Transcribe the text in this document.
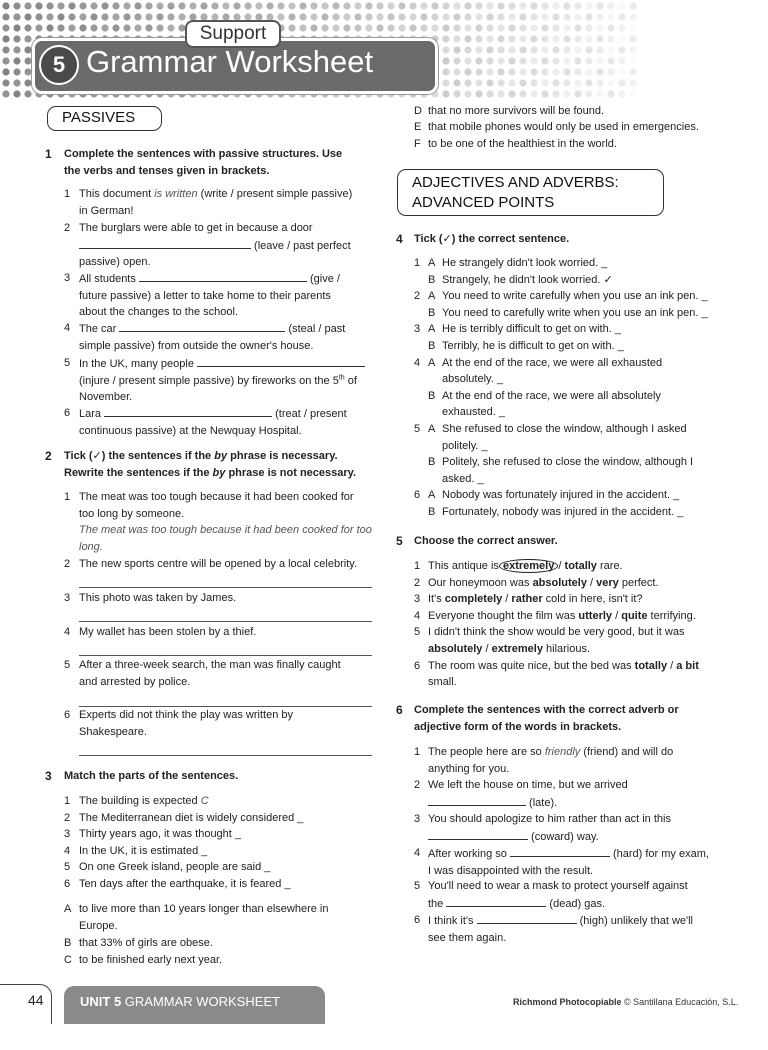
Support
5 Grammar Worksheet
PASSIVES
1 Complete the sentences with passive structures. Use
the verbs and tenses given in brackets.
1 This document is written (write / present simple passive)
in German!
2 The burglars were able to get in because a door
(leave / past perfect
passive) open.
3 All students	(give /
future passive) a letter to take home to their parents
about the changes to the school.
4 The car	(steal / past
simple passive) from outside the owner's house.
5 In the UK, many people
(injure / present simple passive) by fireworks on the 5th of
November.
6 Lara	(treat / present
continuous passive) at the Newquay Hospital.
2 Tick (✓) the sentences if the by phrase is necessary.
Rewrite the sentences if the by phrase is not necessary.
1 The meat was too tough because it had been cooked for
too long by someone.
The meat was too tough because it had been cooked for too
long.
2 The new sports centre will be opened by a local celebrity.
3 This photo was taken by James.
4 My wallet has been stolen by a thief.
5 After a three-week search, the man was finally caught
and arrested by police.
6 Experts did not think the play was written by
Shakespeare.
3 Match the parts of the sentences.
1 The building is expected C
2 The Mediterranean diet is widely considered _
3 Thirty years ago, it was thought _
4 In the UK, it is estimated _
5 On one Greek island, people are said _
6 Ten days after the earthquake, it is feared _
A to live more than 10 years longer than elsewhere in
Europe.
B that 33% of girls are obese.
C to be finished early next year.
D that no more survivors will be found.
E that mobile phones would only be used in emergencies.
F to be one of the healthiest in the world.
ADJECTIVES AND ADVERBS:
ADVANCED POINTS
4 Tick (✓) the correct sentence.
1 A He strangely didn't look worried. _
B Strangely, he didn't look worried. ✓
2 A You need to write carefully when you use an ink pen. _
B You need to carefully write when you use an ink pen. _
3 A He is terribly difficult to get on with. _
B Terribly, he is difficult to get on with. _
4 A At the end of the race, we were all exhausted
absolutely. _
B At the end of the race, we were all absolutely
exhausted. _
5 A She refused to close the window, although I asked
politely. _
B Politely, she refused to close the window, although I
asked. _
6 A Nobody was fortunately injured in the accident. _
B Fortunately, nobody was injured in the accident. _
5 Choose the correct answer.
1 This antique is extremely / totally rare.
2 Our honeymoon was absolutely / very perfect.
3 It's completely / rather cold in here, isn't it?
4 Everyone thought the film was utterly / quite terrifying.
5 I didn't think the show would be very good, but it was
absolutely / extremely hilarious.
6 The room was quite nice, but the bed was totally / a bit
small.
6 Complete the sentences with the correct adverb or
adjective form of the words in brackets.
1 The people here are so friendly (friend) and will do
anything for you.
2 We left the house on time, but we arrived
(late).
3 You should apologize to him rather than act in this
(coward) way.
4 After working so	(hard) for my exam,
I was disappointed with the result.
5 You'll need to wear a mask to protect yourself against
the	(dead) gas.
6 I think it's	(high) unlikely that we'll
see them again.
44	UNIT 5 GRAMMAR WORKSHEET Support
Richmond Photocopiable © Santillana Educación, S.L.
